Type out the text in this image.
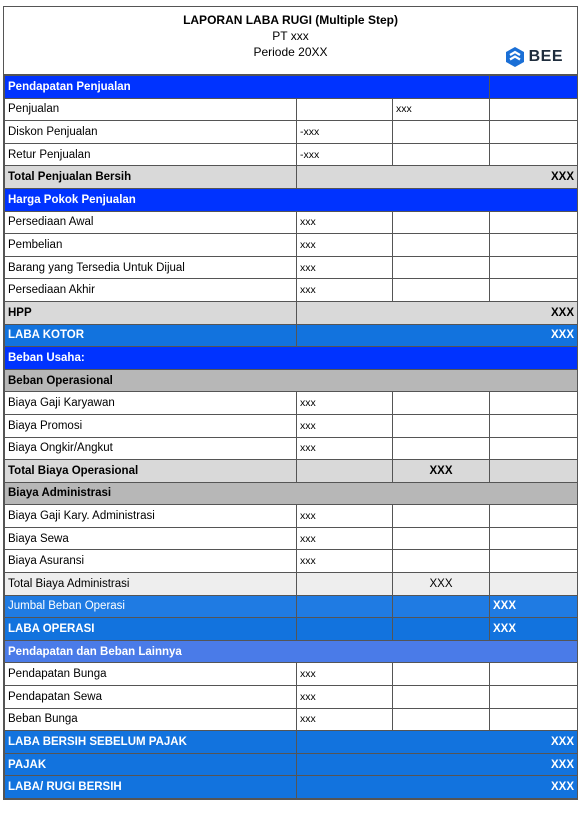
LAPORAN LABA RUGI (Multiple Step)
PT xxx
Periode 20XX	BEE
Pendapatan Penjualan			
Penjualan		xxx	
Diskon Penjualan	-xxx		
Retur Penjualan	-xxx		
Total Penjualan Bersih	XXX		
Harga Pokok Penjualan			
Persediaan Awal	xxx		
Pembelian	xxx		
Barang yang Tersedia Untuk Dijual	xxx		
Persediaan Akhir	xxx		
HPP	XXX		
LABA KOTOR	XXX		
Beban Usaha:			
Beban Operasional			
Biaya Gaji Karyawan	xxx		
Biaya Promosi	xxx		
Biaya Ongkir/Angkut	xxx		
Total Biaya Operasional		XXX	
Biaya Administrasi			
Biaya Gaji Kary. Administrasi	xxx		
Biaya Sewa	xxx		
Biaya Asuransi	xxx		
Total Biaya Administrasi		XXX	
Jumbal Beban Operasi			XXX
LABA OPERASI			XXX
Pendapatan dan Beban Lainnya			
Pendapatan Bunga	xxx		
Pendapatan Sewa	xxx		
Beban Bunga	xxx		
LABA BERSIH SEBELUM PAJAK	XXX		
PAJAK	XXX		
LABA/ RUGI BERSIH	XXX		
